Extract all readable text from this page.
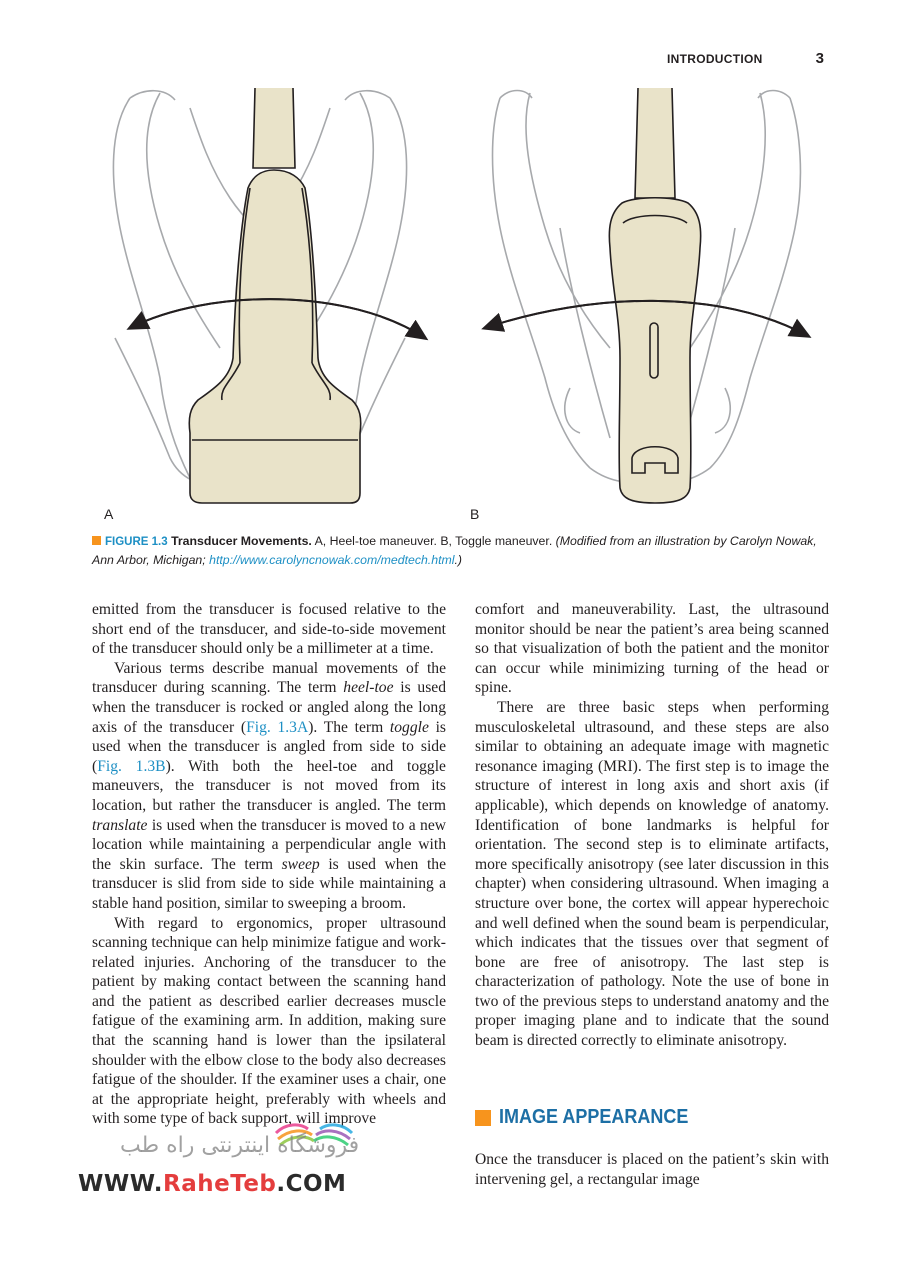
INTRODUCTION	3
A	B
FIGURE 1.3 Transducer Movements. A, Heel-toe maneuver. B, Toggle maneuver. (Modified from an illustration by Carolyn Nowak, Ann Arbor, Michigan; http://www.carolyncnowak.com/medtech.html.)

emitted from the transducer is focused relative to the short end of the transducer, and side-to-side movement of the transducer should only be a millimeter at a time.

Various terms describe manual movements of the transducer during scanning. The term heel-toe is used when the transducer is rocked or angled along the long axis of the transducer (Fig. 1.3A). The term toggle is used when the transducer is angled from side to side (Fig. 1.3B). With both the heel-toe and toggle maneuvers, the transducer is not moved from its location, but rather the transducer is angled. The term translate is used when the transducer is moved to a new location while maintaining a perpendicular angle with the skin surface. The term sweep is used when the transducer is slid from side to side while maintaining a stable hand position, similar to sweeping a broom.

With regard to ergonomics, proper ultrasound scanning technique can help minimize fatigue and work-related injuries. Anchoring of the transducer to the patient by making contact between the scanning hand and the patient as described earlier decreases muscle fatigue of the examining arm. In addition, making sure that the scanning hand is lower than the ipsilateral shoulder with the elbow close to the body also decreases fatigue of the shoulder. If the examiner uses a chair, one at the appropriate height, preferably with wheels and with some type of back support, will improve

comfort and maneuverability. Last, the ultrasound monitor should be near the patient’s area being scanned so that visualization of both the patient and the monitor can occur while minimizing turning of the head or spine.

There are three basic steps when performing musculoskeletal ultrasound, and these steps are also similar to obtaining an adequate image with magnetic resonance imaging (MRI). The first step is to image the structure of interest in long axis and short axis (if applicable), which depends on knowledge of anatomy. Identification of bone landmarks is helpful for orientation. The second step is to eliminate artifacts, more specifically anisotropy (see later discussion in this chapter) when considering ultrasound. When imaging a structure over bone, the cortex will appear hyperechoic and well defined when the sound beam is perpendicular, which indicates that the tissues over that segment of bone are free of anisotropy. The last step is characterization of pathology. Note the use of bone in two of the previous steps to understand anatomy and the proper imaging plane and to indicate that the sound beam is directed correctly to eliminate anisotropy.

IMAGE APPEARANCE

Once the transducer is placed on the patient’s skin with intervening gel, a rectangular image

فروشگاه اینترنتی راه طب
WWW.RaheTeb.COM
